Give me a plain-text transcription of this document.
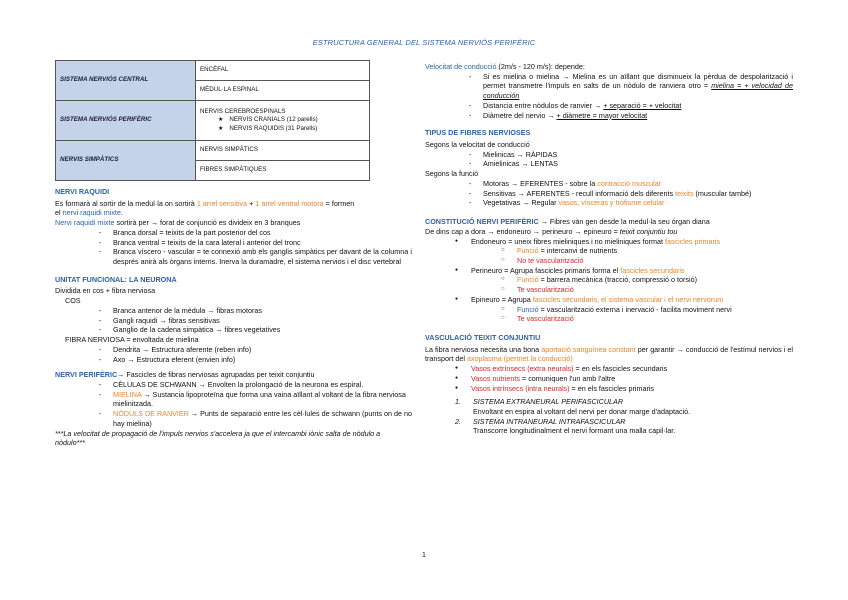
ESTRUCTURA GENERAL DEL SISTEMA NERVIÓS PERIFÈRIC
SISTEMA NERVIÓS CENTRAL	ENCÈFAL
	MÈDUL·LA ESPINAL
SISTEMA NERVIÓS PERIFÈRIC	NERVIS CEREBROESPINALS
★ NERVIS CRANIALS (12 parells)
★ NERVIS RAQUIDIS (31 Parells)

NERVIS SIMPÀTICS	NERVIS SIMPÀTICS
	FIBRES SIMPÀTIQUES
NERVI RAQUIDI

Es formarà al sortir de la medul·la on sortirà 1 arrel sensitiva + 1 arrel ventral motora = formen

el nervi raquidi mixte.

Nervi raquidi mixte sortirà per → forat de conjunció es divideix en 3 branques

- Branca dorsal = teixits de la part posterior del cos
- Branca ventral = teixits de la cara lateral i anterior del tronc
- Branca víscero - vascular = te connexió amb els ganglis simpàtics per davant de la columna i després anirà als òrgans interns. Inerva la duramadre, el sistema nervios i el disc vertebral
UNITAT FUNCIONAL: LA NEURONA

Dividida en cos + fibra nerviosa

COS

- Branca anterior de la mèdula → fibras motoras
- Gangli raquidi → fibras sensitivas
- Ganglio de la cadena simpàtica → fibres vegetatives

FIBRA NERVIOSA = envoltada de mielina

- Dendrita → Estructura aferente (reben info)
- Axo → Estructura eferent (envien info)

NERVI PERIFÈRIC→ Fascicles de fibras nerviosas agrupadas per teixit conjuntiu

- CÈLULAS DE SCHWANN → Envolten la prolongació de la neurona es espiral.
- MIELINA → Sustancia lipoproteïna que forma una vaina aïllant al voltant de la fibra nerviosa mielinitzada.
- NÒDULS DE RANVIER → Punts de separació entre les cèl·lules de schwann (punts on de no hay mielina)

***La velocitat de propagació de l'impuls nervios s'accelera ja que el intercambi iònic salta de nòdulo a nòdulo***

Velocitat de conducció (2m/s - 120 m/s): depende:

- Si es mielina o mielina → Mielina es un aïllant que disminueix la pèrdua de despolarització i permet transmetre l'impuls en salts de un nòdulo de ranviera otro = mielina = + velocidad de conducción
- Distancia entre nòdulos de ranvier → + separació = + velocitat
- Diàmetre del nervio → + diàmetre = mayor velocitat
TIPUS DE FIBRES NERVIOSES

Segons la velocitat de conducció

- Mielinicas → RÀPIDAS
- Amielinicas → LENTAS

Segons la funció

- Motoras → EFERENTES - sobre la contracció muscular
- Sensitivas → AFERENTES - recull informació dels diferents teixits (muscular també)
- Vegetativas → Regular vasos, vísceras y trofisme celular

CONSTITUCIÓ NERVI PERIFÈRIC → Fibres vàn gen desde la medul·la seu órgan diana

De dins cap a dora → endoneuro → perineuro → epineuro = teixit conjuntiu tou

● Endoneuro = uneix fibres mieliniques i no mieliniques format fascicles primaris
○ Funció = intercanvi de nutrients
○ No te vascularització
● Perineuro = Agrupa fascicles primaris forma el fascicles secundaris
○ Funció = barrera mecànica (tracció, compressió o torsió)
○ Te vascularització
● Epineuro = Agrupa fascicles secundaris, el sistema vascular i el nervi nervorum
○ Funció = vascularització externa i inervació - facilita moviment nervi
○ Te vascularització
VASCULACIÓ TEIXIT CONJUNTIU

La fibra nerviosa necesita una bona aportació sanguínea constant per garantir → conducció de l'estímul nervios i el transport del axoplasma (permet la conducció)

● Vasos extrínsecs (extra neurals) = en els fascicles secundaris
● Vasos nutrients = comuniquen l'un amb l'altre
● Vasos intrínsecs (intra neurals) = en els fascicles primaris
1. SISTEMA EXTRANEURAL PERIFASCICULAR

Envoltant en espira al voltant del nervi per donar marge d'adaptació.

2. SISTEMA INTRANEURAL INTRAFASCICULAR

Transcorre longitudinalment el nervi formant una malla capil·lar.

1
